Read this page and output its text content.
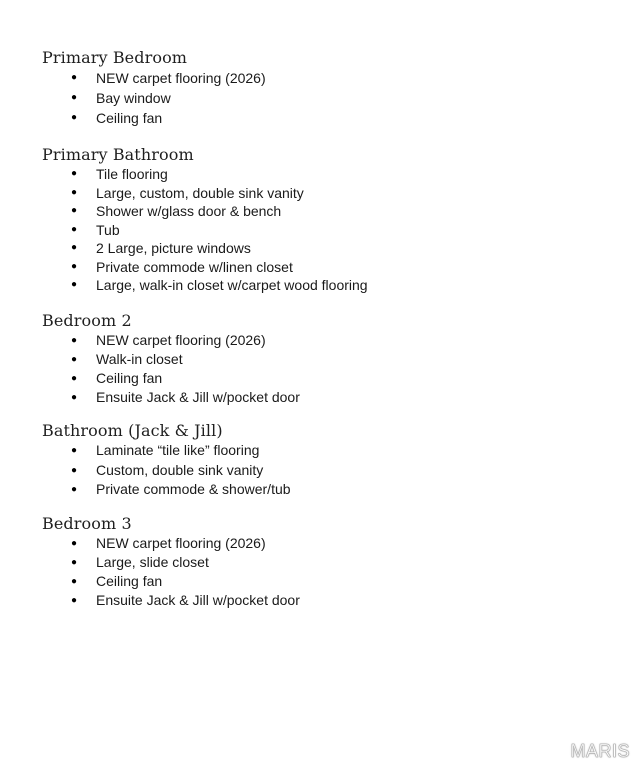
Primary Bedroom
● NEW carpet flooring (2026)
● Bay window
● Ceiling fan
Primary Bathroom
● Tile flooring
● Large, custom, double sink vanity
● Shower w/glass door & bench
● Tub
● 2 Large, picture windows
● Private commode w/linen closet
● Large, walk-in closet w/carpet wood flooring
Bedroom 2
● NEW carpet flooring (2026)
● Walk-in closet
● Ceiling fan
● Ensuite Jack & Jill w/pocket door
Bathroom (Jack & Jill)
● Laminate “tile like” flooring
● Custom, double sink vanity
● Private commode & shower/tub
Bedroom 3
● NEW carpet flooring (2026)
● Large, slide closet
● Ceiling fan
● Ensuite Jack & Jill w/pocket door
MARIS
